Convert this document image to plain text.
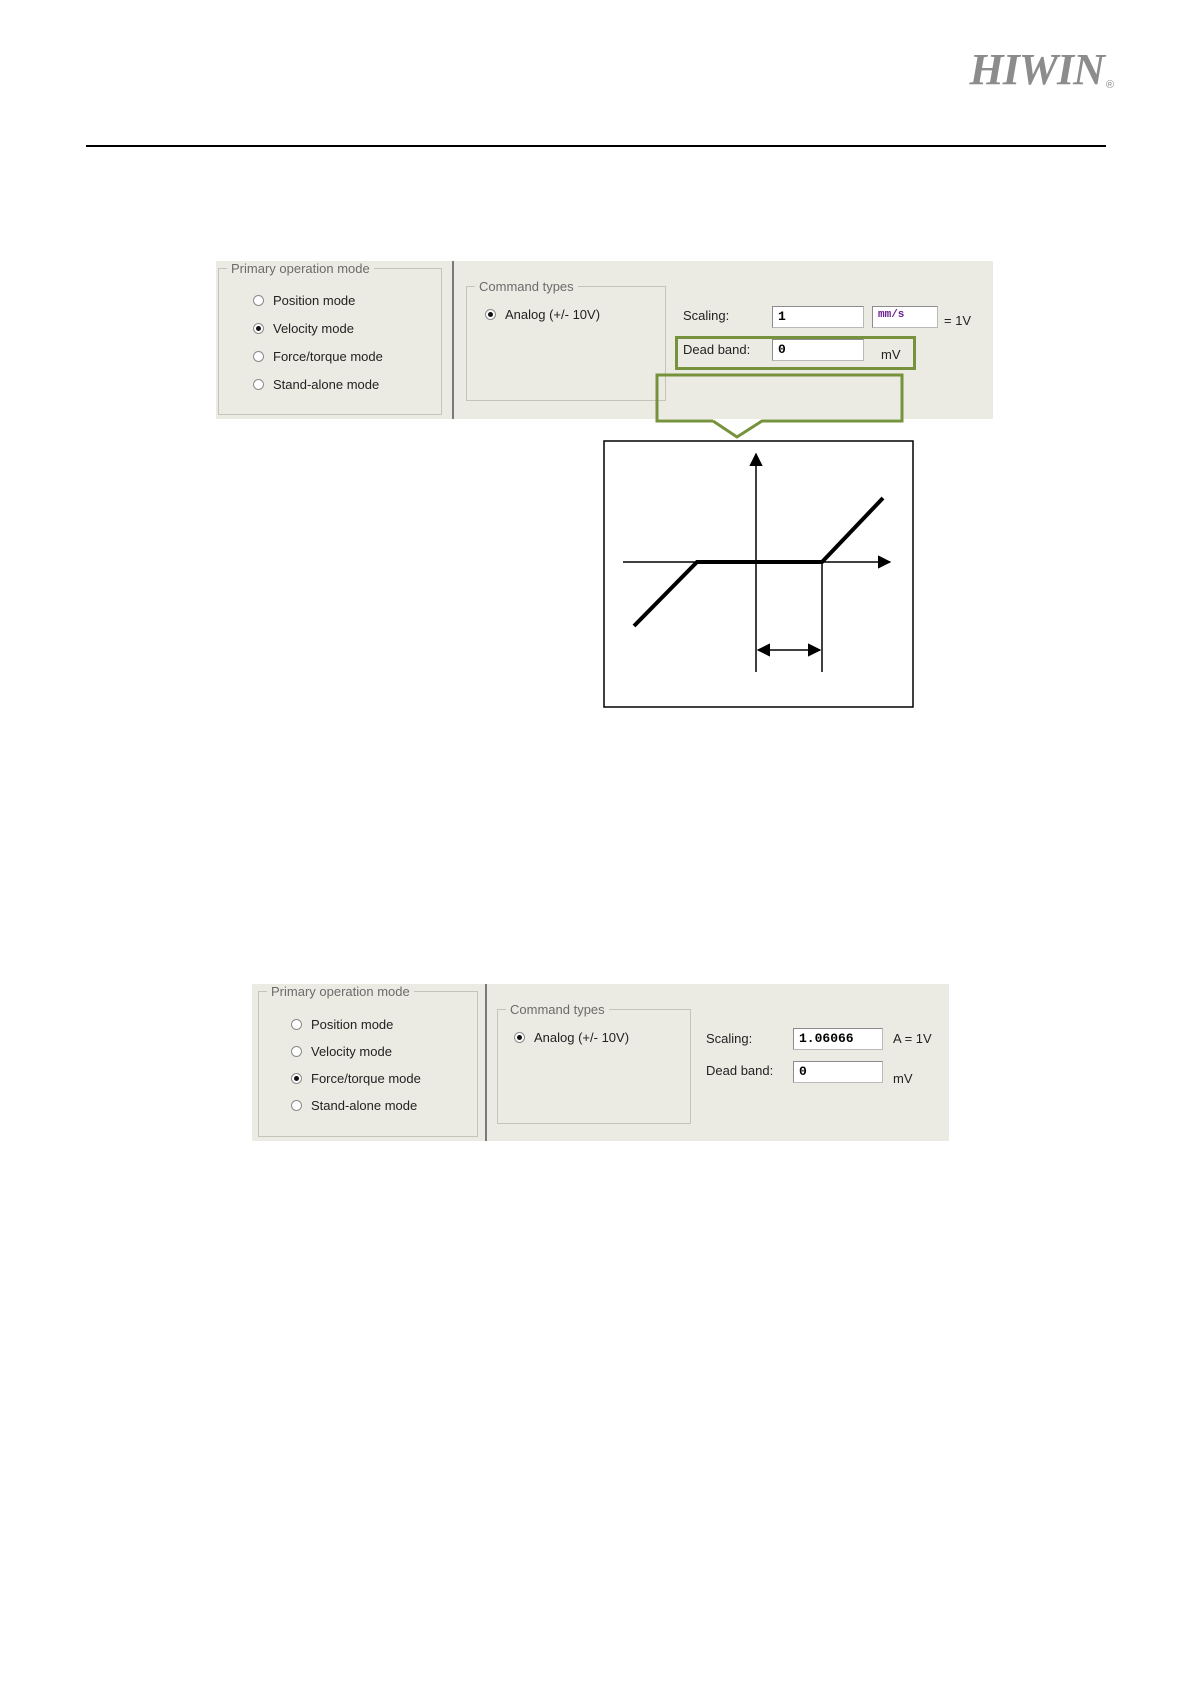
HIWIN ®
Primary operation mode
Position mode
Velocity mode
Force/torque mode
Stand-alone mode
Command types
Analog (+/- 10V)	Scaling:	1	mm/s	= 1V
Dead band:	0	mV
Primary operation mode
Position mode
Velocity mode
Force/torque mode
Stand-alone mode
Command types
Analog (+/- 10V)	Scaling:	1.06066	A = 1V
Dead band:	0	mV
